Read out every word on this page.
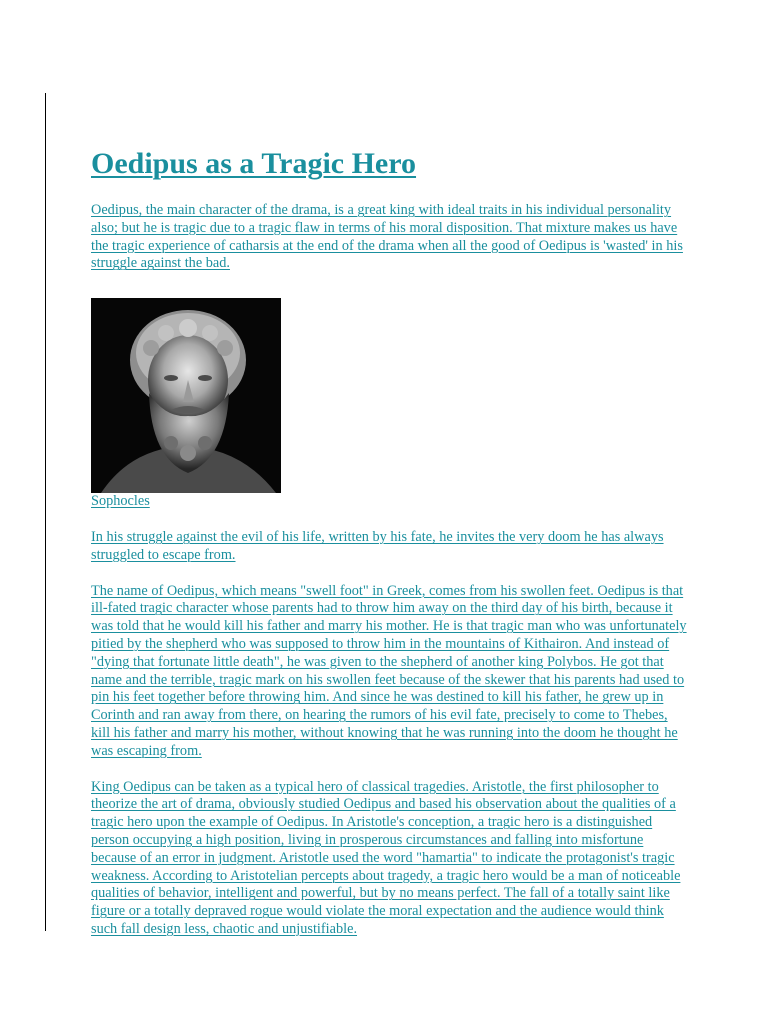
Oedipus as a Tragic Hero

Oedipus, the main character of the drama, is a great king with ideal traits in his individual personality also; but he is tragic due to a tragic flaw in terms of his moral disposition. That mixture makes us have the tragic experience of catharsis at the end of the drama when all the good of Oedipus is 'wasted' in his struggle against the bad.

Sophocles

In his struggle against the evil of his life, written by his fate, he invites the very doom he has always struggled to escape from.

The name of Oedipus, which means "swell foot" in Greek, comes from his swollen feet. Oedipus is that ill-fated tragic character whose parents had to throw him away on the third day of his birth, because it was told that he would kill his father and marry his mother. He is that tragic man who was unfortunately pitied by the shepherd who was supposed to throw him in the mountains of Kithairon. And instead of "dying that fortunate little death", he was given to the shepherd of another king Polybos. He got that name and the terrible, tragic mark on his swollen feet because of the skewer that his parents had used to pin his feet together before throwing him. And since he was destined to kill his father, he grew up in Corinth and ran away from there, on hearing the rumors of his evil fate, precisely to come to Thebes, kill his father and marry his mother, without knowing that he was running into the doom he thought he was escaping from.

King Oedipus can be taken as a typical hero of classical tragedies. Aristotle, the first philosopher to theorize the art of drama, obviously studied Oedipus and based his observation about the qualities of a tragic hero upon the example of Oedipus. In Aristotle's conception, a tragic hero is a distinguished person occupying a high position, living in prosperous circumstances and falling into misfortune because of an error in judgment. Aristotle used the word "hamartia" to indicate the protagonist's tragic weakness. According to Aristotelian percepts about tragedy, a tragic hero would be a man of noticeable qualities of behavior, intelligent and powerful, but by no means perfect. The fall of a totally saint like figure or a totally depraved rogue would violate the moral expectation and the audience would think such fall design less, chaotic and unjustifiable.
